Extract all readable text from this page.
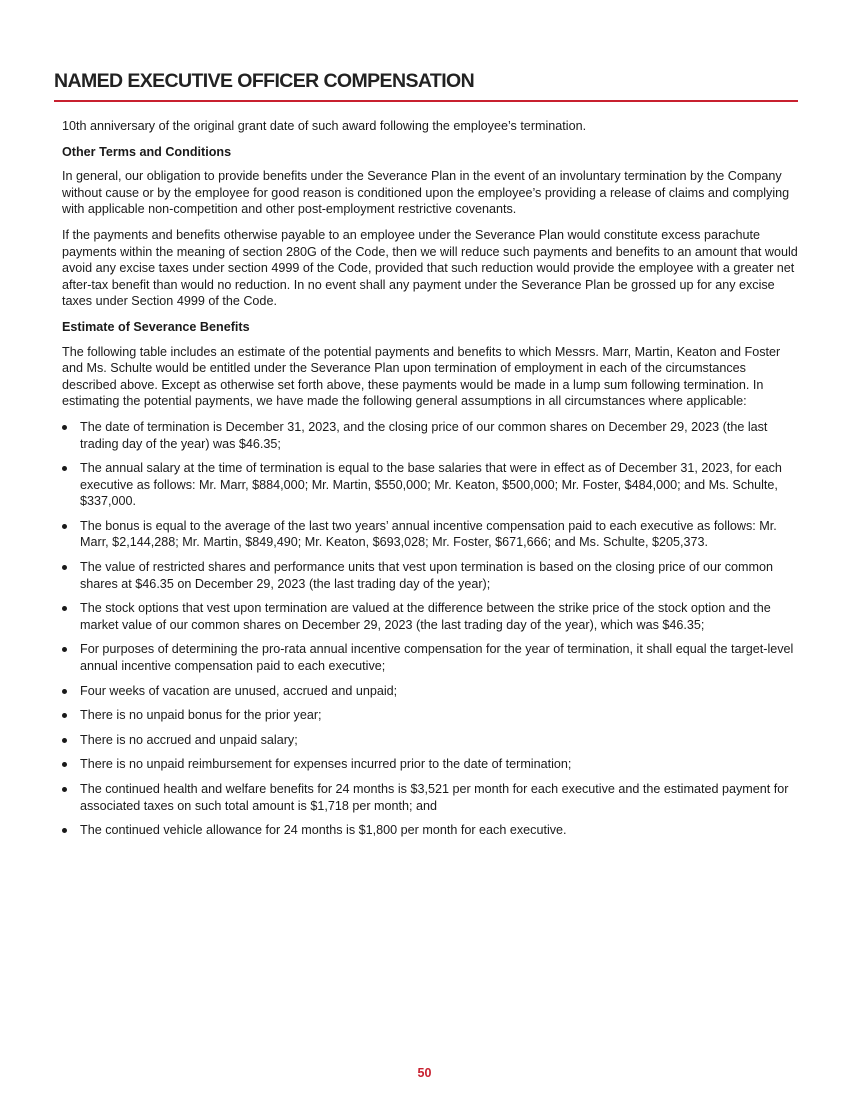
NAMED EXECUTIVE OFFICER COMPENSATION

10th anniversary of the original grant date of such award following the employee’s termination.

Other Terms and Conditions

In general, our obligation to provide benefits under the Severance Plan in the event of an involuntary termination by the Company without cause or by the employee for good reason is conditioned upon the employee’s providing a release of claims and complying with applicable non-competition and other post-employment restrictive covenants.

If the payments and benefits otherwise payable to an employee under the Severance Plan would constitute excess parachute payments within the meaning of section 280G of the Code, then we will reduce such payments and benefits to an amount that would avoid any excise taxes under section 4999 of the Code, provided that such reduction would provide the employee with a greater net after-tax benefit than would no reduction. In no event shall any payment under the Severance Plan be grossed up for any excise taxes under Section 4999 of the Code.

Estimate of Severance Benefits

The following table includes an estimate of the potential payments and benefits to which Messrs. Marr, Martin, Keaton and Foster and Ms. Schulte would be entitled under the Severance Plan upon termination of employment in each of the circumstances described above. Except as otherwise set forth above, these payments would be made in a lump sum following termination. In estimating the potential payments, we have made the following general assumptions in all circumstances where applicable:

The date of termination is December 31, 2023, and the closing price of our common shares on December 29, 2023 (the last trading day of the year) was $46.35;
The annual salary at the time of termination is equal to the base salaries that were in effect as of December 31, 2023, for each executive as follows: Mr. Marr, $884,000; Mr. Martin, $550,000; Mr. Keaton, $500,000; Mr. Foster, $484,000; and Ms. Schulte, $337,000.
The bonus is equal to the average of the last two years’ annual incentive compensation paid to each executive as follows: Mr. Marr, $2,144,288; Mr. Martin, $849,490; Mr. Keaton, $693,028; Mr. Foster, $671,666; and Ms. Schulte, $205,373.
The value of restricted shares and performance units that vest upon termination is based on the closing price of our common shares at $46.35 on December 29, 2023 (the last trading day of the year);
The stock options that vest upon termination are valued at the difference between the strike price of the stock option and the market value of our common shares on December 29, 2023 (the last trading day of the year), which was $46.35;
For purposes of determining the pro-rata annual incentive compensation for the year of termination, it shall equal the target-level annual incentive compensation paid to each executive;
Four weeks of vacation are unused, accrued and unpaid;
There is no unpaid bonus for the prior year;
There is no accrued and unpaid salary;
There is no unpaid reimbursement for expenses incurred prior to the date of termination;
The continued health and welfare benefits for 24 months is $3,521 per month for each executive and the estimated payment for associated taxes on such total amount is $1,718 per month; and
The continued vehicle allowance for 24 months is $1,800 per month for each executive.
50
